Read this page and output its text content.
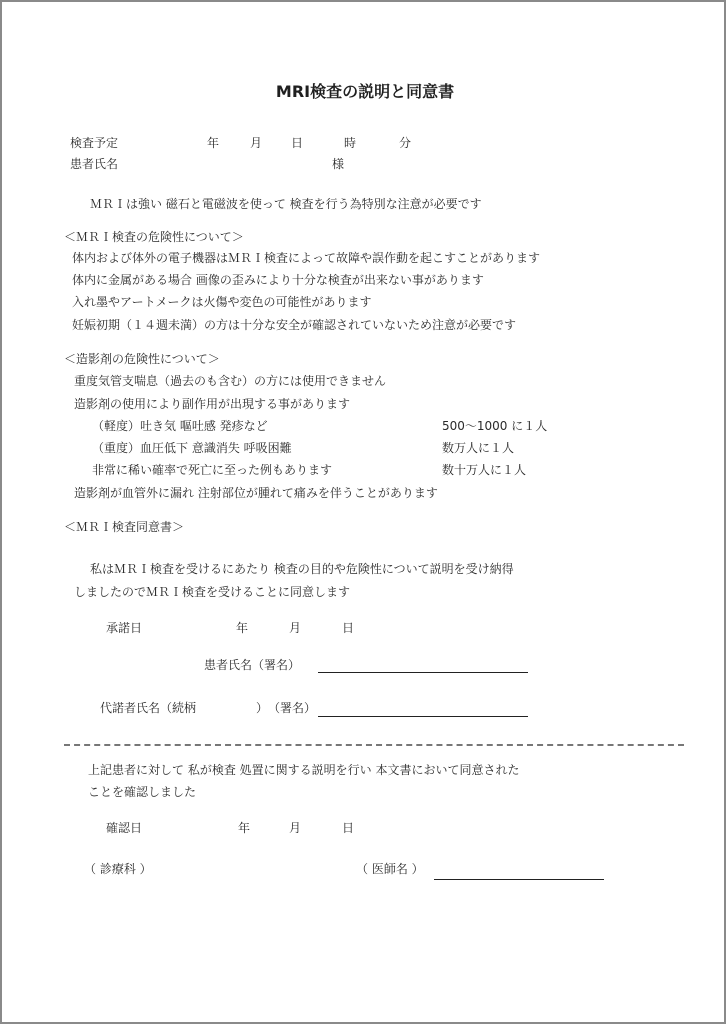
MRI検査の説明と同意書
検査予定	年	月 日	時	分
患者氏名	様
ＭＲＩは強い 磁石と電磁波を使って 検査を行う為特別な注意が必要です
＜ＭＲＩ検査の危険性について＞
体内および体外の電子機器はＭＲＩ検査によって故障や誤作動を起こすことがあります
体内に金属がある場合 画像の歪みにより十分な検査が出来ない事があります
入れ墨やアートメークは火傷や変色の可能性があります
妊娠初期（１４週未満）の方は十分な安全が確認されていないため注意が必要です
＜造影剤の危険性について＞
重度気管支喘息（過去のも含む）の方には使用できません
造影剤の使用により副作用が出現する事があります
（軽度）吐き気 嘔吐感 発疹など	500～1000 に１人
（重度）血圧低下 意識消失 呼吸困難	数万人に１人
非常に稀い確率で死亡に至った例もあります	数十万人に１人
造影剤が血管外に漏れ 注射部位が腫れて痛みを伴うことがあります
＜ＭＲＩ検査同意書＞
私はＭＲＩ検査を受けるにあたり 検査の目的や危険性について説明を受け納得
しましたのでＭＲＩ検査を受けることに同意します
承諾日	年	月	日
患者氏名（署名）
代諾者氏名（続柄	） （署名）
上記患者に対して 私が検査 処置に関する説明を行い 本文書において同意された
ことを確認しました
確認日	年	月	日
（ 診療科 ）	（ 医師名 ）
